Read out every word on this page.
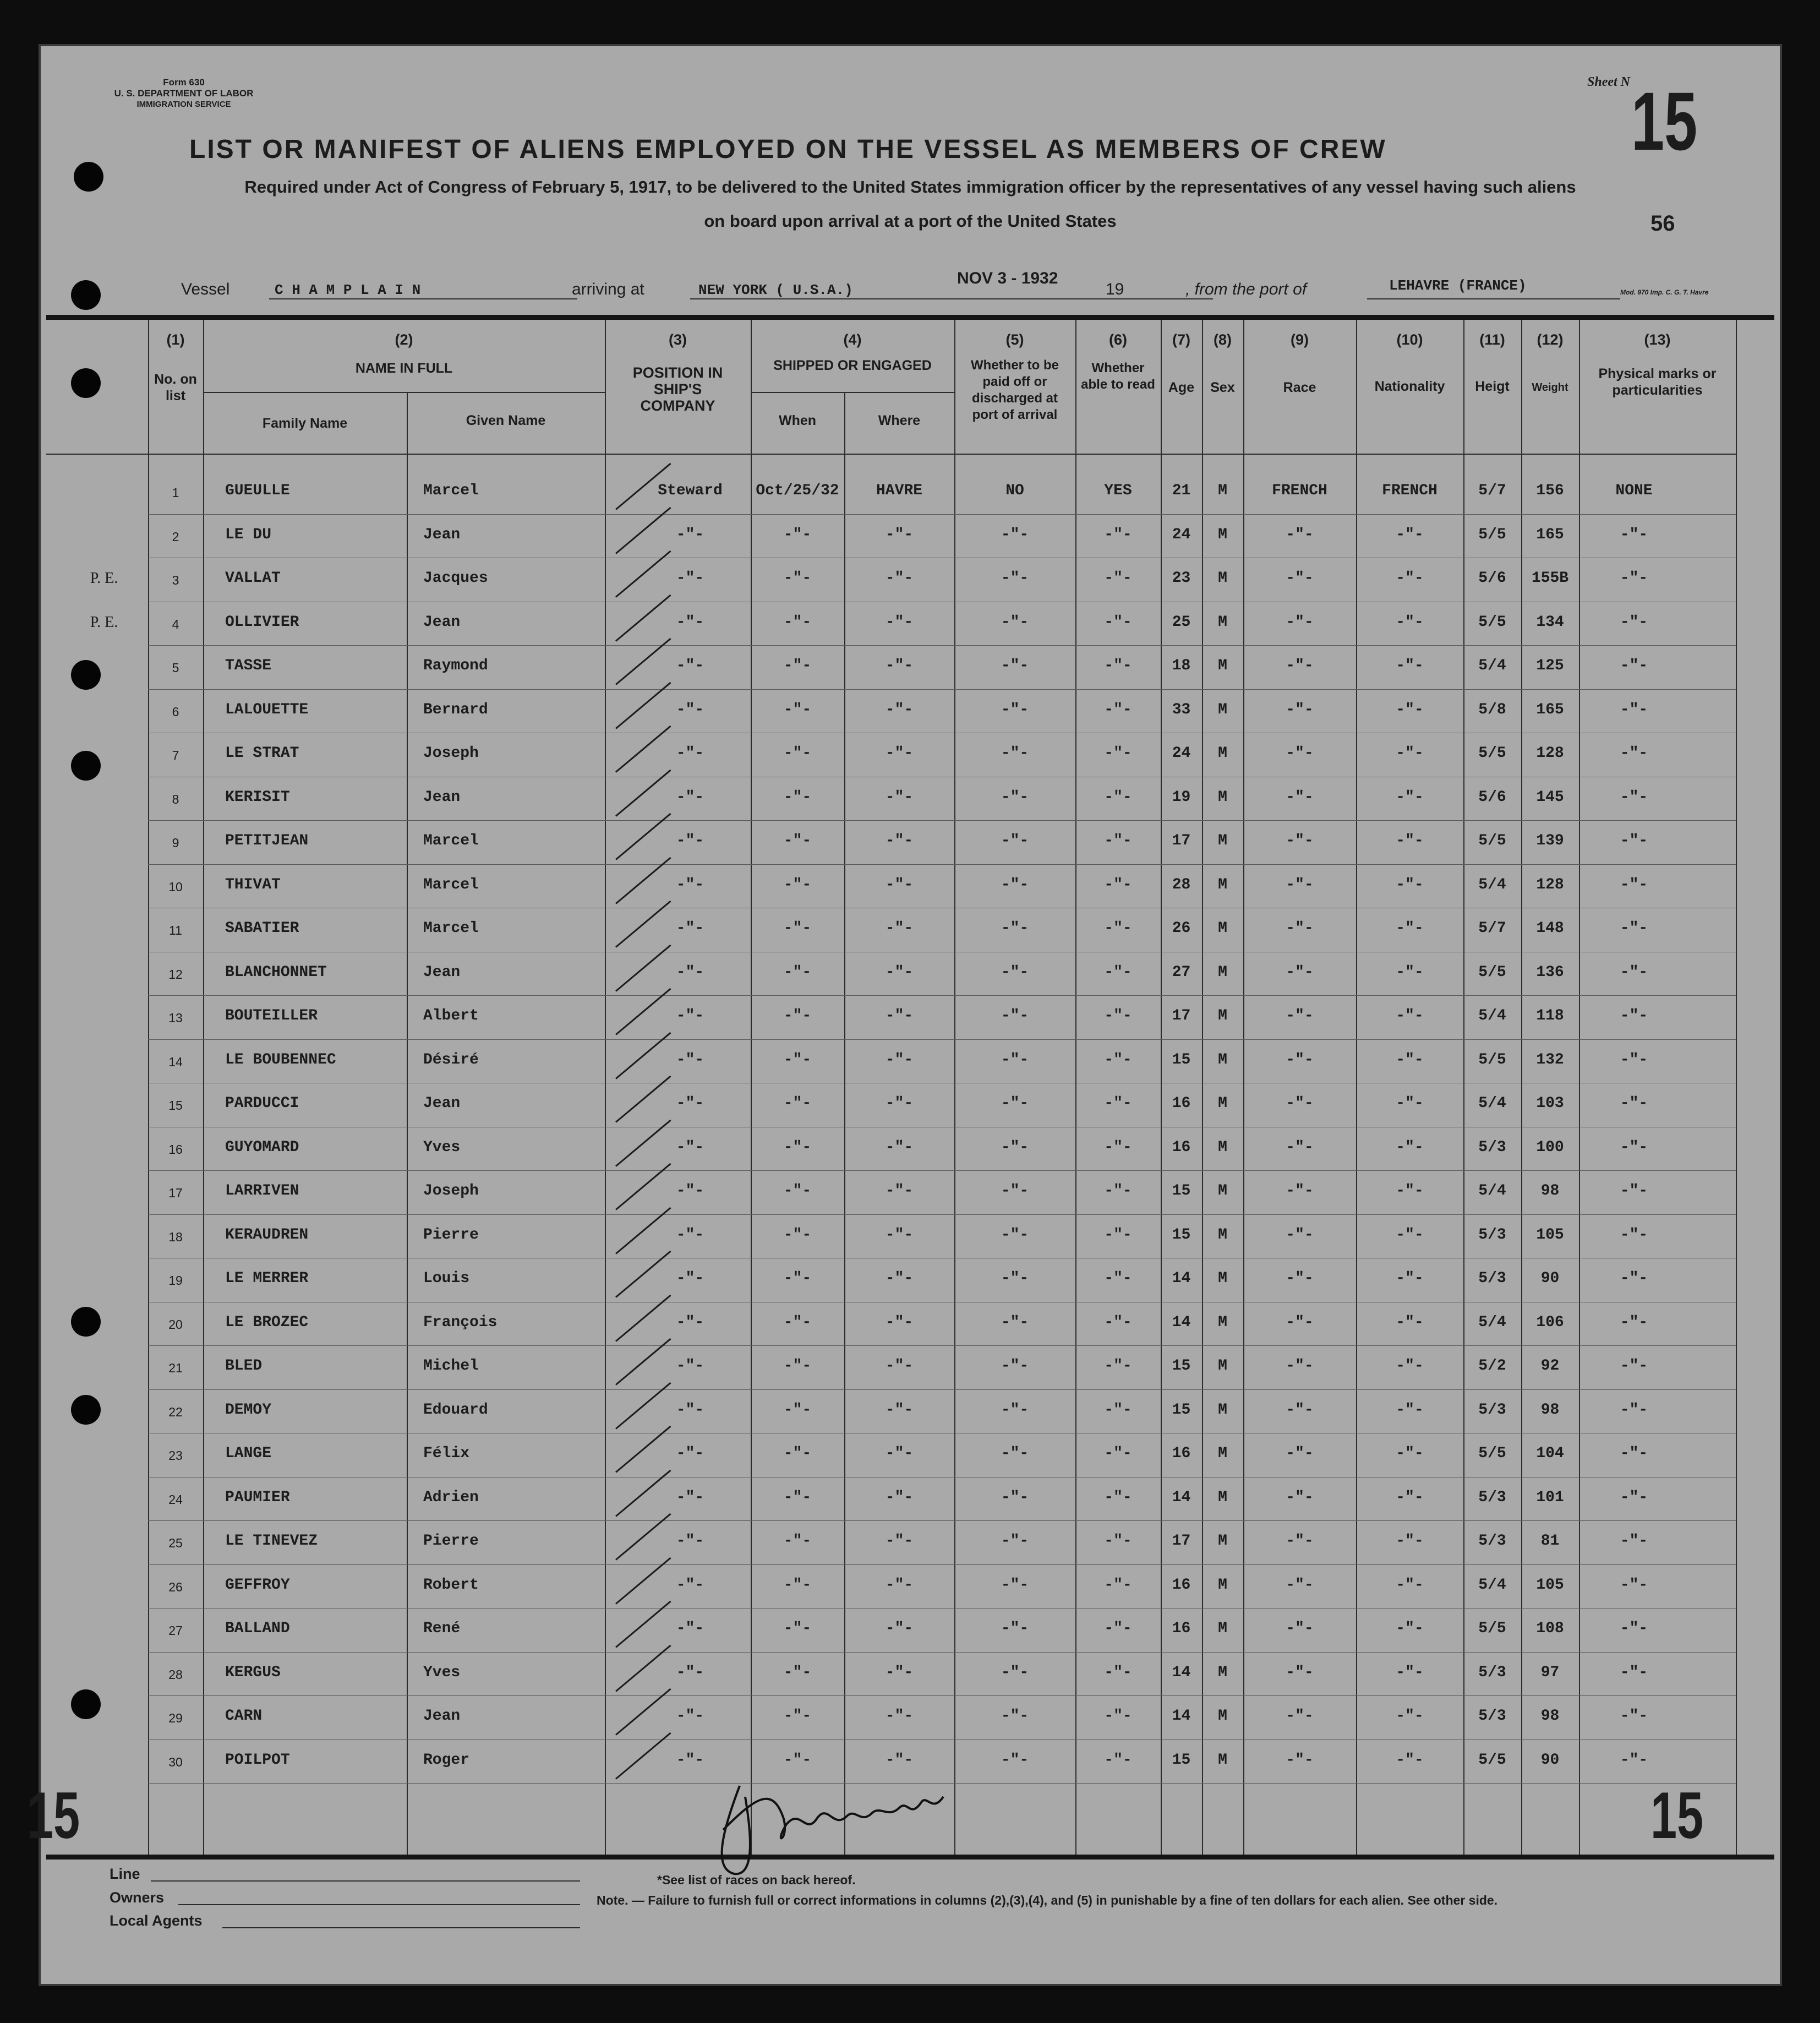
Form 630
U. S. DEPARTMENT OF LABOR
IMMIGRATION SERVICE
Sheet N 15
LIST OR MANIFEST OF ALIENS EMPLOYED ON THE VESSEL AS MEMBERS OF CREW
Required under Act of Congress of February 5, 1917, to be delivered to the United States immigration officer by the representatives of any vessel having such aliens
on board upon arrival at a port of the United States	56
Vessel	C H A M P L A I N	arriving at	NEW YORK ( U.S.A.)
NOV 3 - 1932
19	, from the port of	LEHAVRE (FRANCE)	Mod. 970 Imp. C. G. T. Havre
(1)
No. on list
(2)
NAME IN FULL
Family Name	Given Name
(3)
POSITION IN SHIP'S COMPANY
(4)
SHIPPED OR ENGAGED
When	Where
(5)
Whether to be paid off or discharged at port of arrival
(6)
Whether able to read
(7)
Age
(8)
Sex
(9)
Race
(10)
Nationality
(11)
Heigt
(12)
Weight
(13)
Physical marks or particularities
1	GUEULLE	Marcel	Steward	Oct/25/32	HAVRE	NO	YES	21	M	FRENCH	FRENCH	5/7	156	NONE
2	LE DU	Jean	-"-	-"-	-"-	-"-	-"-	24	M	-"-	-"-	5/5	165	-"-
P. E.	3	VALLAT	Jacques	-"-	-"-	-"-	-"-	-"-	23	M	-"-	-"-	5/6	155B	-"-
P. E.	4	OLLIVIER	Jean	-"-	-"-	-"-	-"-	-"-	25	M	-"-	-"-	5/5	134	-"-
5	TASSE	Raymond	-"-	-"-	-"-	-"-	-"-	18	M	-"-	-"-	5/4	125	-"-
6	LALOUETTE	Bernard	-"-	-"-	-"-	-"-	-"-	33	M	-"-	-"-	5/8	165	-"-
7	LE STRAT	Joseph	-"-	-"-	-"-	-"-	-"-	24	M	-"-	-"-	5/5	128	-"-
8	KERISIT	Jean	-"-	-"-	-"-	-"-	-"-	19	M	-"-	-"-	5/6	145	-"-
9	PETITJEAN	Marcel	-"-	-"-	-"-	-"-	-"-	17	M	-"-	-"-	5/5	139	-"-
10	THIVAT	Marcel	-"-	-"-	-"-	-"-	-"-	28	M	-"-	-"-	5/4	128	-"-
11	SABATIER	Marcel	-"-	-"-	-"-	-"-	-"-	26	M	-"-	-"-	5/7	148	-"-
12	BLANCHONNET	Jean	-"-	-"-	-"-	-"-	-"-	27	M	-"-	-"-	5/5	136	-"-
13	BOUTEILLER	Albert	-"-	-"-	-"-	-"-	-"-	17	M	-"-	-"-	5/4	118	-"-
14	LE BOUBENNEC	Désiré	-"-	-"-	-"-	-"-	-"-	15	M	-"-	-"-	5/5	132	-"-
15	PARDUCCI	Jean	-"-	-"-	-"-	-"-	-"-	16	M	-"-	-"-	5/4	103	-"-
16	GUYOMARD	Yves	-"-	-"-	-"-	-"-	-"-	16	M	-"-	-"-	5/3	100	-"-
17	LARRIVEN	Joseph	-"-	-"-	-"-	-"-	-"-	15	M	-"-	-"-	5/4	98	-"-
18	KERAUDREN	Pierre	-"-	-"-	-"-	-"-	-"-	15	M	-"-	-"-	5/3	105	-"-
19	LE MERRER	Louis	-"-	-"-	-"-	-"-	-"-	14	M	-"-	-"-	5/3	90	-"-
20	LE BROZEC	François	-"-	-"-	-"-	-"-	-"-	14	M	-"-	-"-	5/4	106	-"-
21	BLED	Michel	-"-	-"-	-"-	-"-	-"-	15	M	-"-	-"-	5/2	92	-"-
22	DEMOY	Edouard	-"-	-"-	-"-	-"-	-"-	15	M	-"-	-"-	5/3	98	-"-
23	LANGE	Félix	-"-	-"-	-"-	-"-	-"-	16	M	-"-	-"-	5/5	104	-"-
24	PAUMIER	Adrien	-"-	-"-	-"-	-"-	-"-	14	M	-"-	-"-	5/3	101	-"-
25	LE TINEVEZ	Pierre	-"-	-"-	-"-	-"-	-"-	17	M	-"-	-"-	5/3	81	-"-
26	GEFFROY	Robert	-"-	-"-	-"-	-"-	-"-	16	M	-"-	-"-	5/4	105	-"-
27	BALLAND	René	-"-	-"-	-"-	-"-	-"-	16	M	-"-	-"-	5/5	108	-"-
28	KERGUS	Yves	-"-	-"-	-"-	-"-	-"-	14	M	-"-	-"-	5/3	97	-"-
29	CARN	Jean	-"-	-"-	-"-	-"-	-"-	14	M	-"-	-"-	5/3	98	-"-
30	POILPOT	Roger	-"-	-"-	-"-	-"-	-"-	15	M	-"-	-"-	5/5	90	-"-
15	15
Line
Owners
Local Agents
*See list of races on back hereof.
Note. — Failure to furnish full or correct informations in columns (2),(3),(4), and (5) in punishable by a fine of ten dollars for each alien. See other side.
